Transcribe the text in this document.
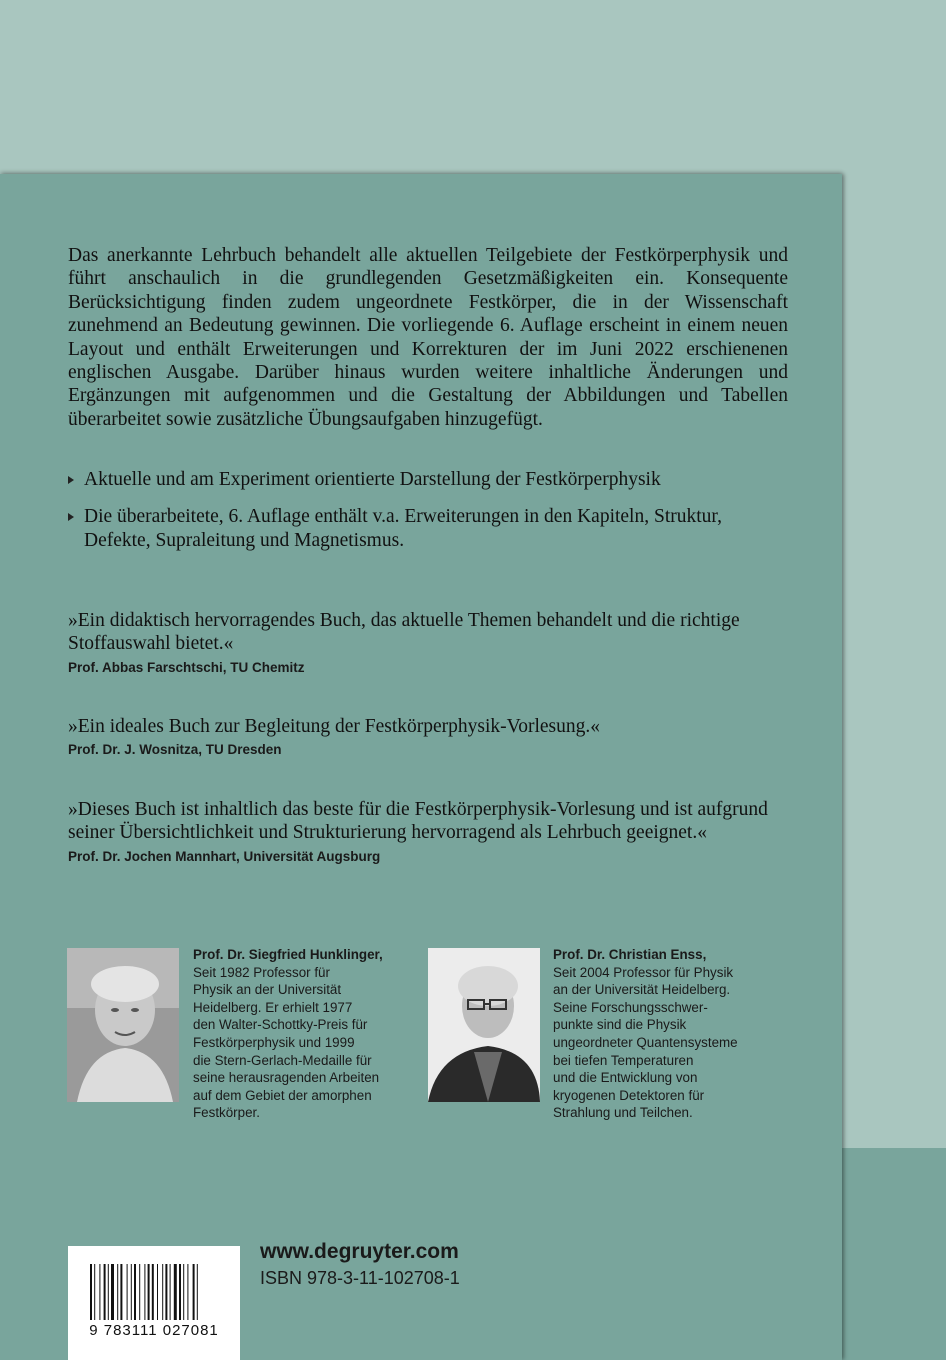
Das anerkannte Lehrbuch behandelt alle aktuellen Teilgebiete der Festkörperphysik und führt anschaulich in die grundlegenden Gesetzmäßigkeiten ein. Konsequente Berücksichtigung finden zudem ungeordnete Festkörper, die in der Wissenschaft zunehmend an Bedeutung gewinnen. Die vorliegende 6. Auflage erscheint in einem neuen Layout und enthält Erweiterungen und Korrekturen der im Juni 2022 erschienenen englischen Ausgabe. Darüber hinaus wurden weitere inhaltliche Änderungen und Ergänzungen mit aufgenommen und die Gestaltung der Abbildungen und Tabellen überarbeitet sowie zusätzliche Übungsaufgaben hinzugefügt.

Aktuelle und am Experiment orientierte Darstellung der Festkörperphysik
Die überarbeitete, 6. Auflage enthält v.a. Erweiterungen in den Kapiteln, Struktur, Defekte, Supraleitung und Magnetismus.

»Ein didaktisch hervorragendes Buch, das aktuelle Themen behandelt und die richtige Stoffauswahl bietet.«

Prof. Abbas Farschtschi, TU Chemitz

»Ein ideales Buch zur Begleitung der Festkörperphysik-Vorlesung.«

Prof. Dr. J. Wosnitza, TU Dresden

»Dieses Buch ist inhaltlich das beste für die Festkörperphysik-Vorlesung und ist aufgrund seiner Übersichtlichkeit und Strukturierung hervorragend als Lehrbuch geeignet.«

Prof. Dr. Jochen Mannhart, Universität Augsburg
Prof. Dr. Siegfried Hunklinger,
Seit 1982 Professor für
Physik an der Universität
Heidelberg. Er erhielt 1977
den Walter-Schottky-Preis für
Festkörperphysik und 1999
die Stern-Gerlach-Medaille für
seine herausragenden Arbeiten
auf dem Gebiet der amorphen
Festkörper.
Prof. Dr. Christian Enss,
Seit 2004 Professor für Physik
an der Universität Heidelberg.
Seine Forschungsschwer-
punkte sind die Physik
ungeordneter Quantensysteme
bei tiefen Temperaturen
und die Entwicklung von
kryogenen Detektoren für
Strahlung und Teilchen.
9 783111 027081
www.degruyter.com
ISBN 978-3-11-102708-1
